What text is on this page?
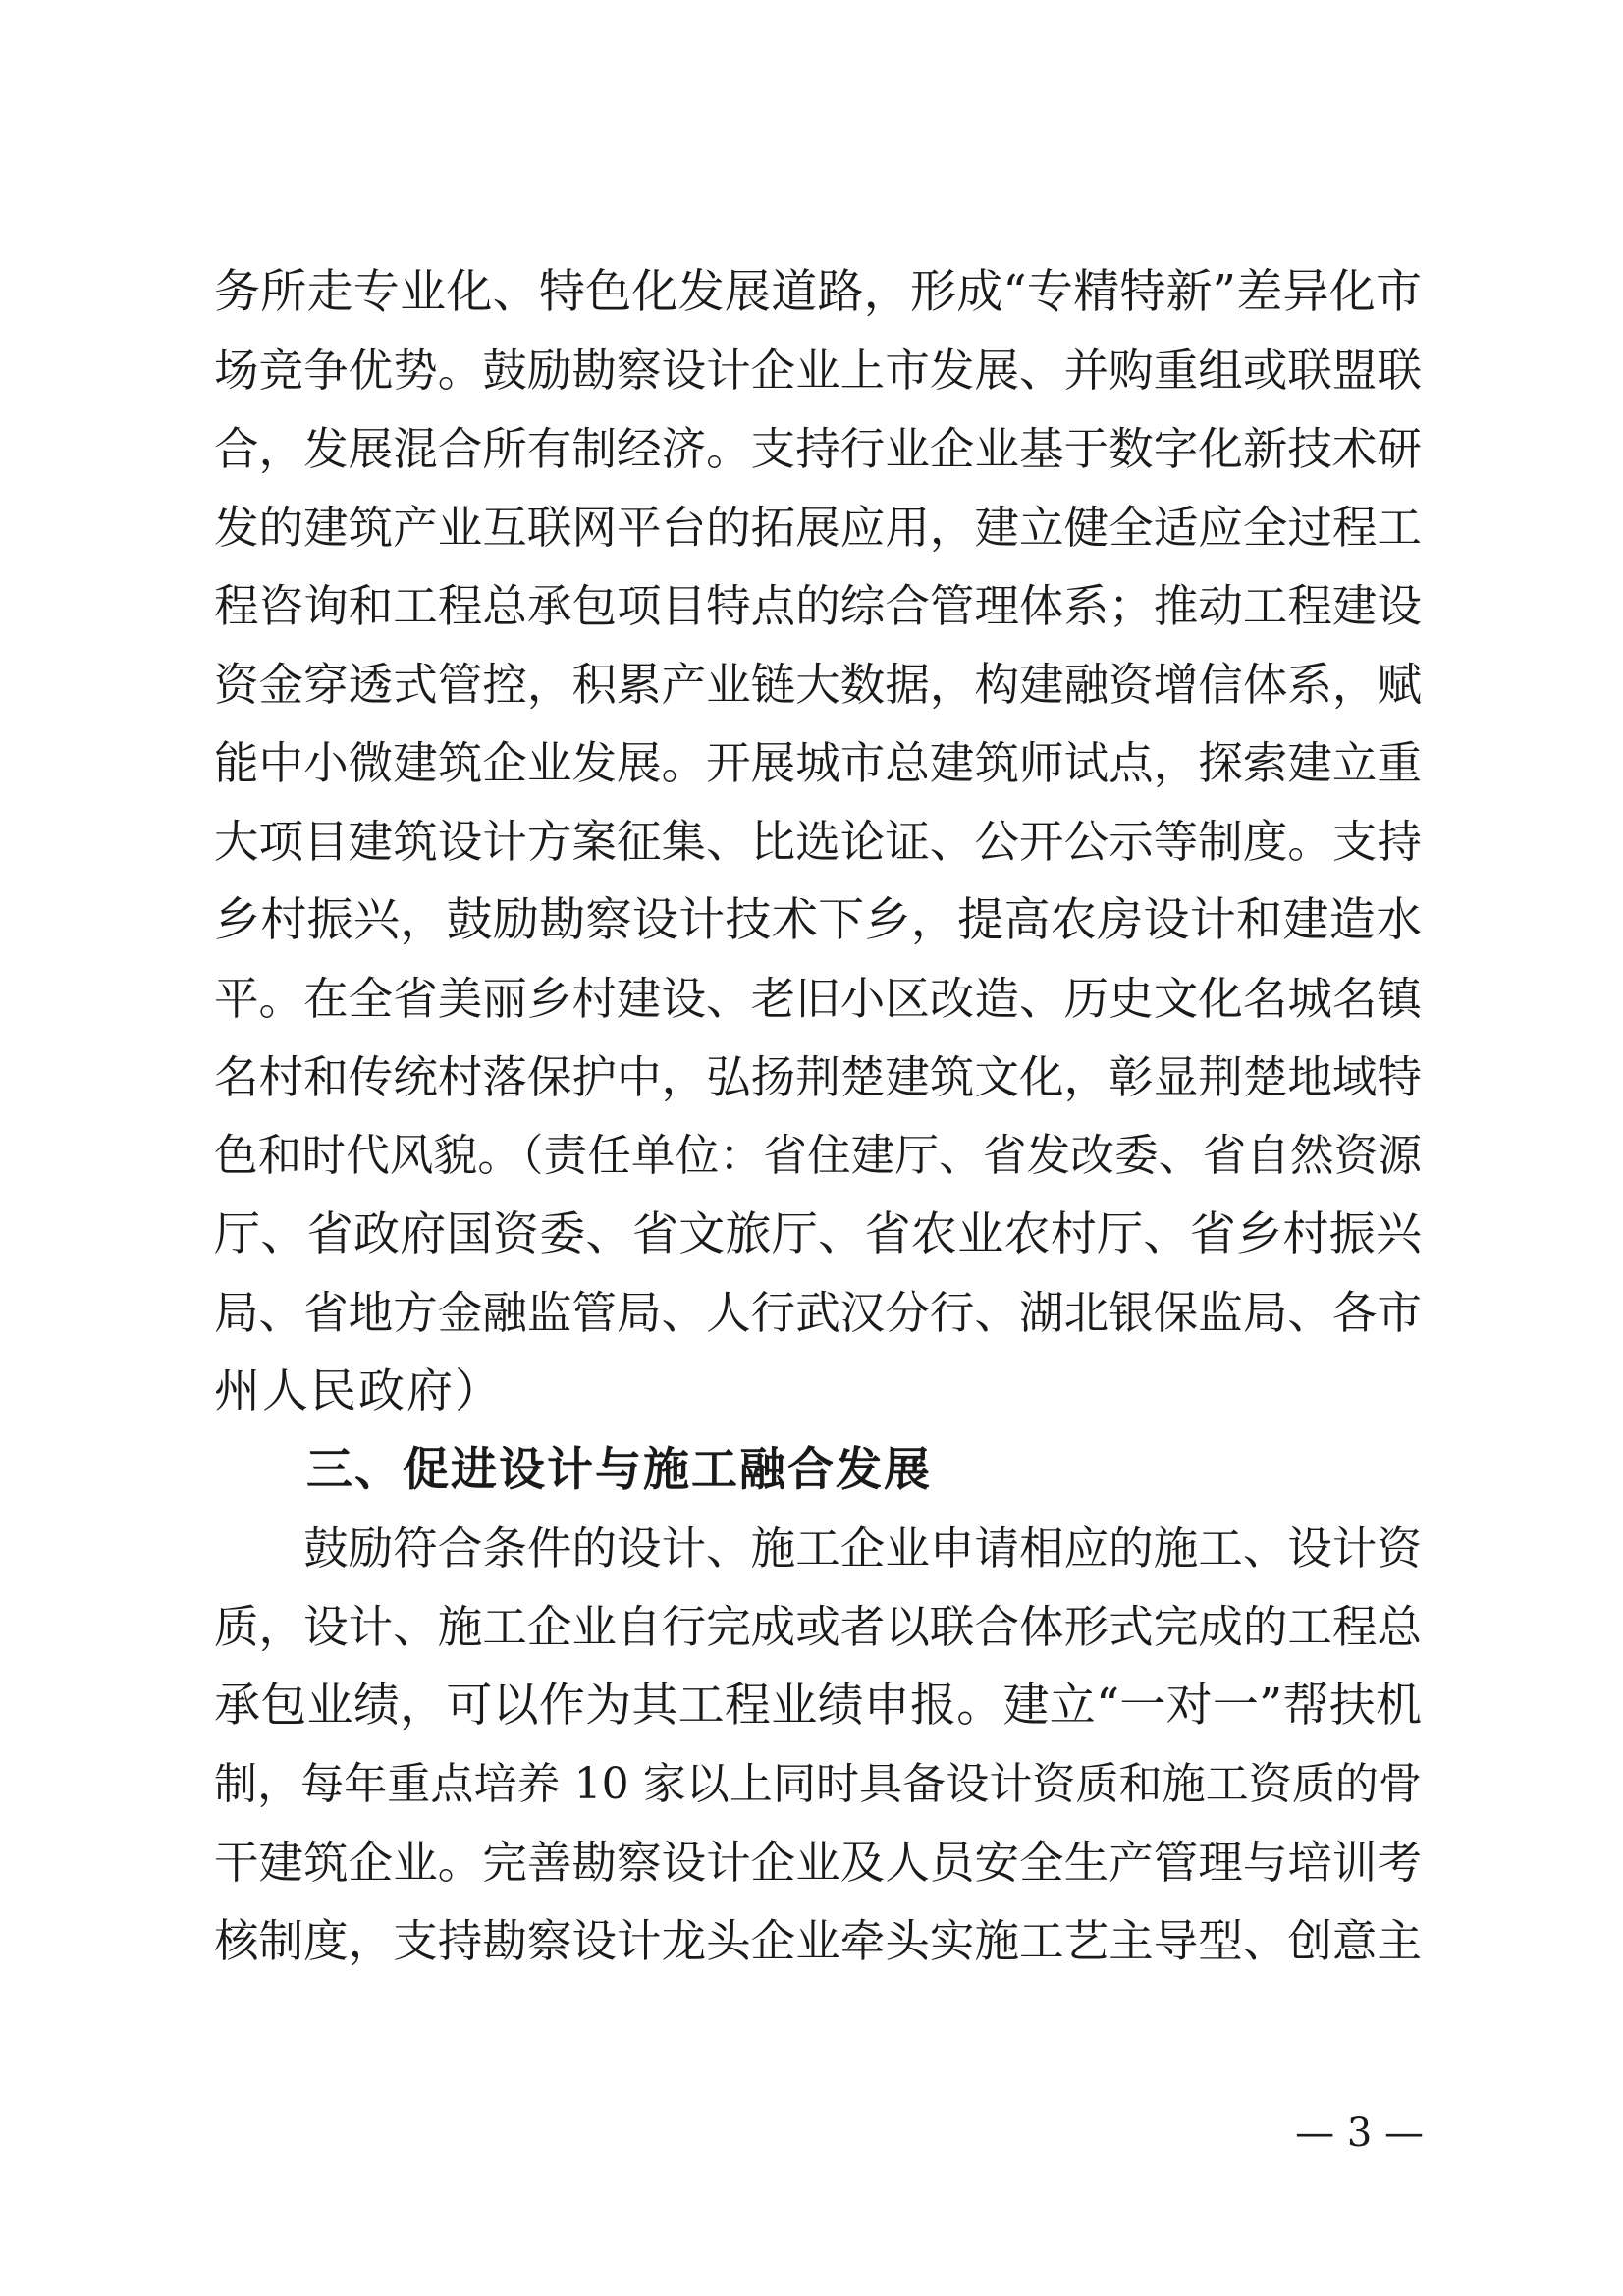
务所走专业化、特色化发展道路，形成“专精特新”差异化市
场竞争优势。鼓励勘察设计企业上市发展、并购重组或联盟联
合，发展混合所有制经济。支持行业企业基于数字化新技术研
发的建筑产业互联网平台的拓展应用，建立健全适应全过程工
程咨询和工程总承包项目特点的综合管理体系；推动工程建设
资金穿透式管控，积累产业链大数据，构建融资增信体系，赋
能中小微建筑企业发展。开展城市总建筑师试点，探索建立重
大项目建筑设计方案征集、比选论证、公开公示等制度。支持
乡村振兴，鼓励勘察设计技术下乡，提高农房设计和建造水
平。在全省美丽乡村建设、老旧小区改造、历史文化名城名镇
名村和传统村落保护中，弘扬荆楚建筑文化，彰显荆楚地域特
色和时代风貌。（责任单位：省住建厅、省发改委、省自然资源
厅、省政府国资委、省文旅厅、省农业农村厅、省乡村振兴
局、省地方金融监管局、人行武汉分行、湖北银保监局、各市
州人民政府）
三、促进设计与施工融合发展
　　鼓励符合条件的设计、施工企业申请相应的施工、设计资
质，设计、施工企业自行完成或者以联合体形式完成的工程总
承包业绩，可以作为其工程业绩申报。建立“一对一”帮扶机
制，每年重点培养 10 家以上同时具备设计资质和施工资质的骨
干建筑企业。完善勘察设计企业及人员安全生产管理与培训考
核制度，支持勘察设计龙头企业牵头实施工艺主导型、创意主
— 3 —
